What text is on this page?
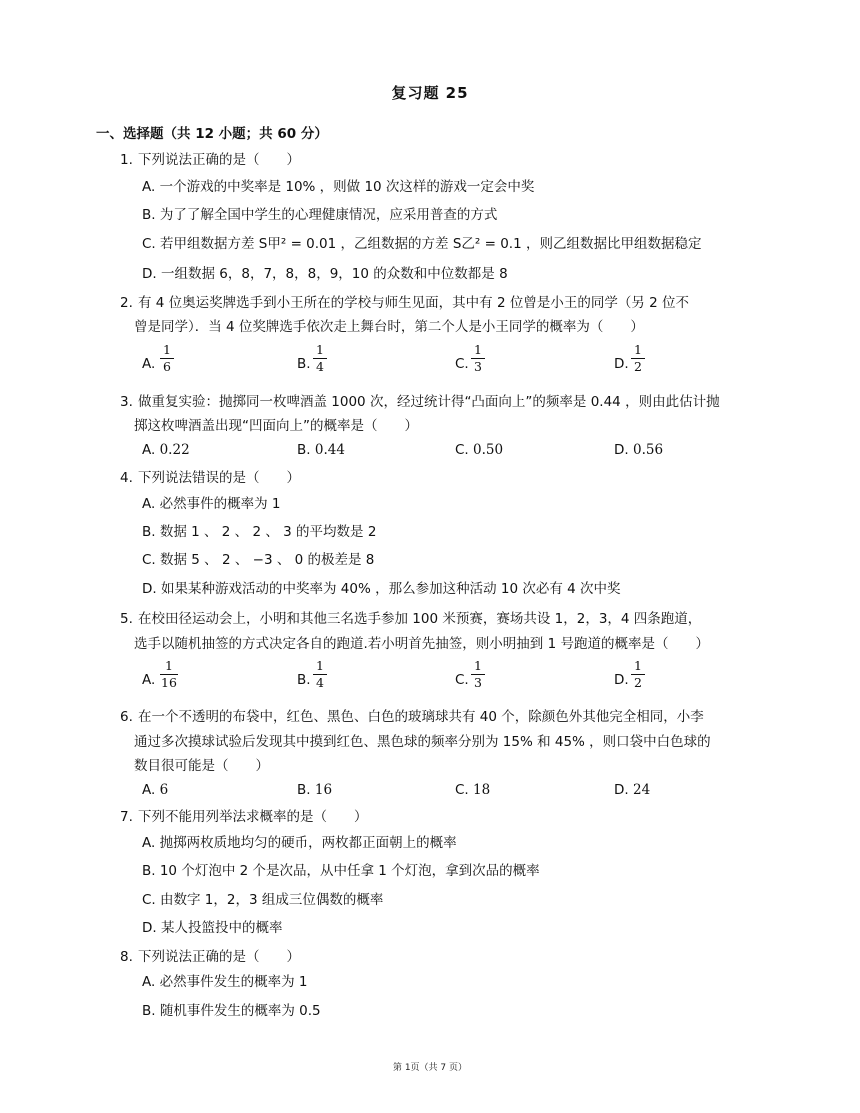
复习题 25
一、选择题（共 12 小题；共 60 分）
1. 下列说法正确的是（　　）
A. 一个游戏的中奖率是 10% ，则做 10 次这样的游戏一定会中奖
B. 为了了解全国中学生的心理健康情况，应采用普查的方式
C. 若甲组数据方差 S甲² = 0.01 ，乙组数据的方差 S乙² = 0.1 ，则乙组数据比甲组数据稳定
D. 一组数据 6，8，7，8，8，9，10 的众数和中位数都是 8
2. 有 4 位奥运奖牌选手到小王所在的学校与师生见面，其中有 2 位曾是小王的同学（另 2 位不
曾是同学）．当 4 位奖牌选手依次走上舞台时，第二个人是小王同学的概率为（　　）
A.
1
6	B.
1
4	C.
1
3	D.
1
2
3. 做重复实验：抛掷同一枚啤酒盖 1000 次，经过统计得“凸面向上”的频率是 0.44 ，则由此估计抛
掷这枚啤酒盖出现“凹面向上”的概率是（　　）
A. 0.22	B. 0.44	C. 0.50	D. 0.56
4. 下列说法错误的是（　　）
A. 必然事件的概率为 1
B. 数据 1 、 2 、 2 、 3 的平均数是 2
C. 数据 5 、 2 、 −3 、 0 的极差是 8
D. 如果某种游戏活动的中奖率为 40% ，那么参加这种活动 10 次必有 4 次中奖
5. 在校田径运动会上，小明和其他三名选手参加 100 米预赛，赛场共设 1，2，3，4 四条跑道，
选手以随机抽签的方式决定各自的跑道.若小明首先抽签，则小明抽到 1 号跑道的概率是（　　）
A.
1
16	B.
1
4	C.
1
3	D.
1
2
6. 在一个不透明的布袋中，红色、黑色、白色的玻璃球共有 40 个，除颜色外其他完全相同，小李
通过多次摸球试验后发现其中摸到红色、黑色球的频率分别为 15% 和 45% ，则口袋中白色球的
数目很可能是（　　）
A. 6	B. 16	C. 18	D. 24
7. 下列不能用列举法求概率的是（　　）
A. 抛掷两枚质地均匀的硬币，两枚都正面朝上的概率
B. 10 个灯泡中 2 个是次品，从中任拿 1 个灯泡，拿到次品的概率
C. 由数字 1，2，3 组成三位偶数的概率
D. 某人投篮投中的概率
8. 下列说法正确的是（　　）
A. 必然事件发生的概率为 1
B. 随机事件发生的概率为 0.5
第 1页（共 7 页）
